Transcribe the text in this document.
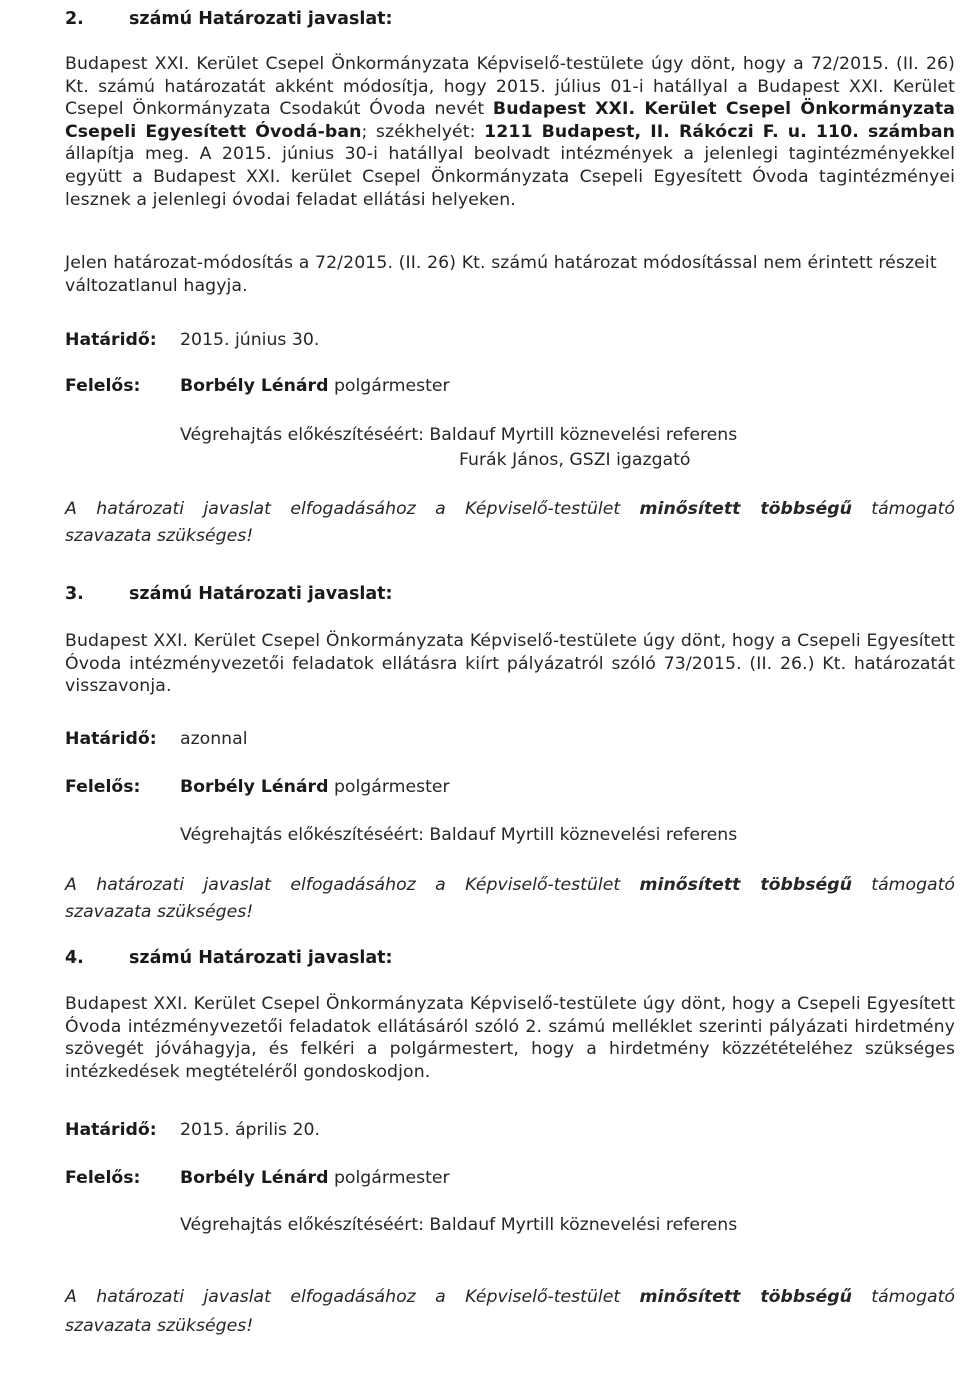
2.	számú Határozati javaslat:
Budapest XXI. Kerület Csepel Önkormányzata Képviselő-testülete úgy dönt, hogy a 72/2015. (II. 26) Kt. számú határozatát akként módosítja, hogy 2015. július 01-i hatállyal a Budapest XXI. Kerület Csepel Önkormányzata Csodakút Óvoda nevét Budapest XXI. Kerület Csepel Önkormányzata Csepeli Egyesített Óvodá-ban; székhelyét: 1211 Budapest, II. Rákóczi F. u. 110. számban állapítja meg. A 2015. június 30-i hatállyal beolvadt intézmények a jelenlegi tagintézményekkel együtt a Budapest XXI. kerület Csepel Önkormányzata Csepeli Egyesített Óvoda tagintézményei lesznek a jelenlegi óvodai feladat ellátási helyeken.
Jelen határozat-módosítás a 72/2015. (II. 26) Kt. számú határozat módosítással nem érintett részeit változatlanul hagyja.
Határidő: 2015. június 30.
Felelős: Borbély Lénárd polgármester
Végrehajtás előkészítéséért: Baldauf Myrtill köznevelési referens
Furák János, GSZI igazgató
A határozati javaslat elfogadásához a Képviselő-testület minősített többségű támogató
szavazata szükséges!
3.	számú Határozati javaslat:
Budapest XXI. Kerület Csepel Önkormányzata Képviselő-testülete úgy dönt, hogy a Csepeli Egyesített Óvoda intézményvezetői feladatok ellátásra kiírt pályázatról szóló 73/2015. (II. 26.) Kt. határozatát visszavonja.
Határidő: azonnal
Felelős: Borbély Lénárd polgármester
Végrehajtás előkészítéséért: Baldauf Myrtill köznevelési referens
A határozati javaslat elfogadásához a Képviselő-testület minősített többségű támogató
szavazata szükséges!
4.	számú Határozati javaslat:
Budapest XXI. Kerület Csepel Önkormányzata Képviselő-testülete úgy dönt, hogy a Csepeli Egyesített Óvoda intézményvezetői feladatok ellátásáról szóló 2. számú melléklet szerinti pályázati hirdetmény szövegét jóváhagyja, és felkéri a polgármestert, hogy a hirdetmény közzétételéhez szükséges intézkedések megtételéről gondoskodjon.
Határidő: 2015. április 20.
Felelős: Borbély Lénárd polgármester
Végrehajtás előkészítéséért: Baldauf Myrtill köznevelési referens
A határozati javaslat elfogadásához a Képviselő-testület minősített többségű támogató
szavazata szükséges!
